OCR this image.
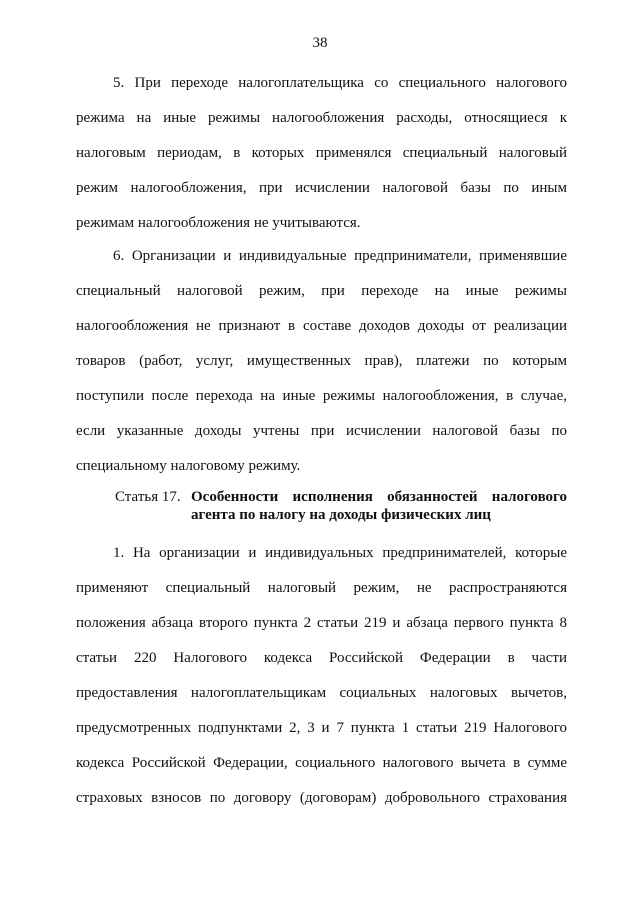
38
5. При переходе налогоплательщика со специального налогового
режима на иные режимы налогообложения расходы, относящиеся к
налоговым периодам, в которых применялся специальный налоговый
режим налогообложения, при исчислении налоговой базы по иным
режимам налогообложения не учитываются.
6. Организации и индивидуальные предприниматели, применявшие
специальный налоговой режим, при переходе на иные режимы
налогообложения не признают в составе доходов доходы от реализации
товаров (работ, услуг, имущественных прав), платежи по которым
поступили после перехода на иные режимы налогообложения, в случае,
если указанные доходы учтены при исчислении налоговой базы по
специальному налоговому режиму.
Статья 17. Особенности исполнения обязанностей налогового
агента по налогу на доходы физических лиц
1. На организации и индивидуальных предпринимателей, которые
применяют специальный налоговый режим, не распространяются
положения абзаца второго пункта 2 статьи 219 и абзаца первого пункта 8
статьи 220 Налогового кодекса Российской Федерации в части
предоставления налогоплательщикам социальных налоговых вычетов,
предусмотренных подпунктами 2, 3 и 7 пункта 1 статьи 219 Налогового
кодекса Российской Федерации, социального налогового вычета в сумме
страховых взносов по договору (договорам) добровольного страхования
